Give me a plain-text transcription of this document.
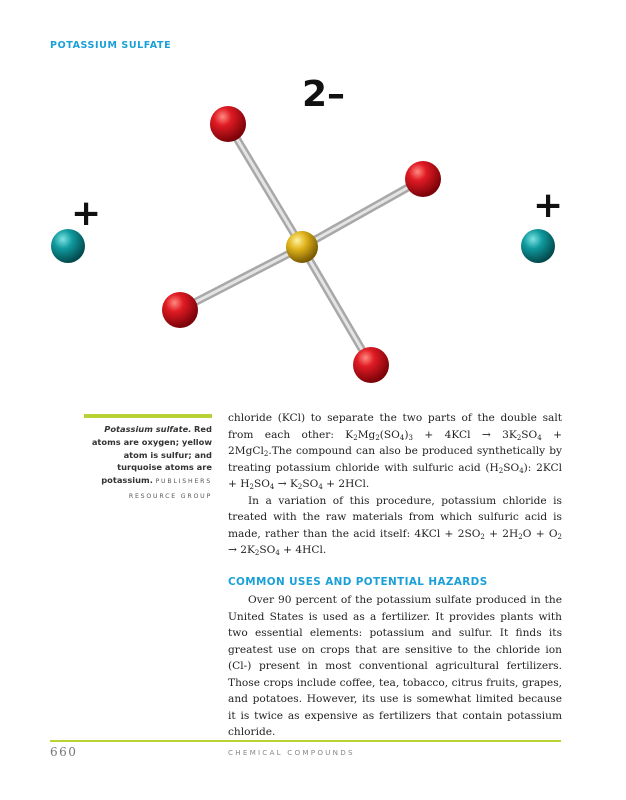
POTASSIUM SULFATE
2–
+	+
Potassium sulfate. Red atoms are oxygen; yellow atom is sulfur; and turquoise atoms are potassium. PUBLISHERS RESOURCE GROUP

chloride (KCl) to separate the two parts of the double salt from each other: $K_2Mg_2(SO_4)_3 + 4KCl \to 3K_2SO_4$ + 2MgCl$_2$.The compound can also be produced synthetically by treating potassium chloride with sulfuric acid $(H_2SO_4)$: $2KCl + H_2SO_4 \to K_2SO_4 + 2HCl$.

In a variation of this procedure, potassium chloride is treated with the raw materials from which sulfuric acid is made, rather than the acid itself: $4KCl + 2SO_2 + 2H_2O + O_2 \to 2K_2SO_4 + 4HCl$.

COMMON USES AND POTENTIAL HAZARDS

Over 90 percent of the potassium sulfate produced in the United States is used as a fertilizer. It provides plants with two essential elements: potassium and sulfur. It finds its greatest use on crops that are sensitive to the chloride ion (Cl-) present in most conventional agricultural fertilizers. Those crops include coffee, tea, tobacco, citrus fruits, grapes, and potatoes. However, its use is somewhat limited because it is twice as expensive as fertilizers that contain potassium chloride.

660	CHEMICAL COMPOUNDS
